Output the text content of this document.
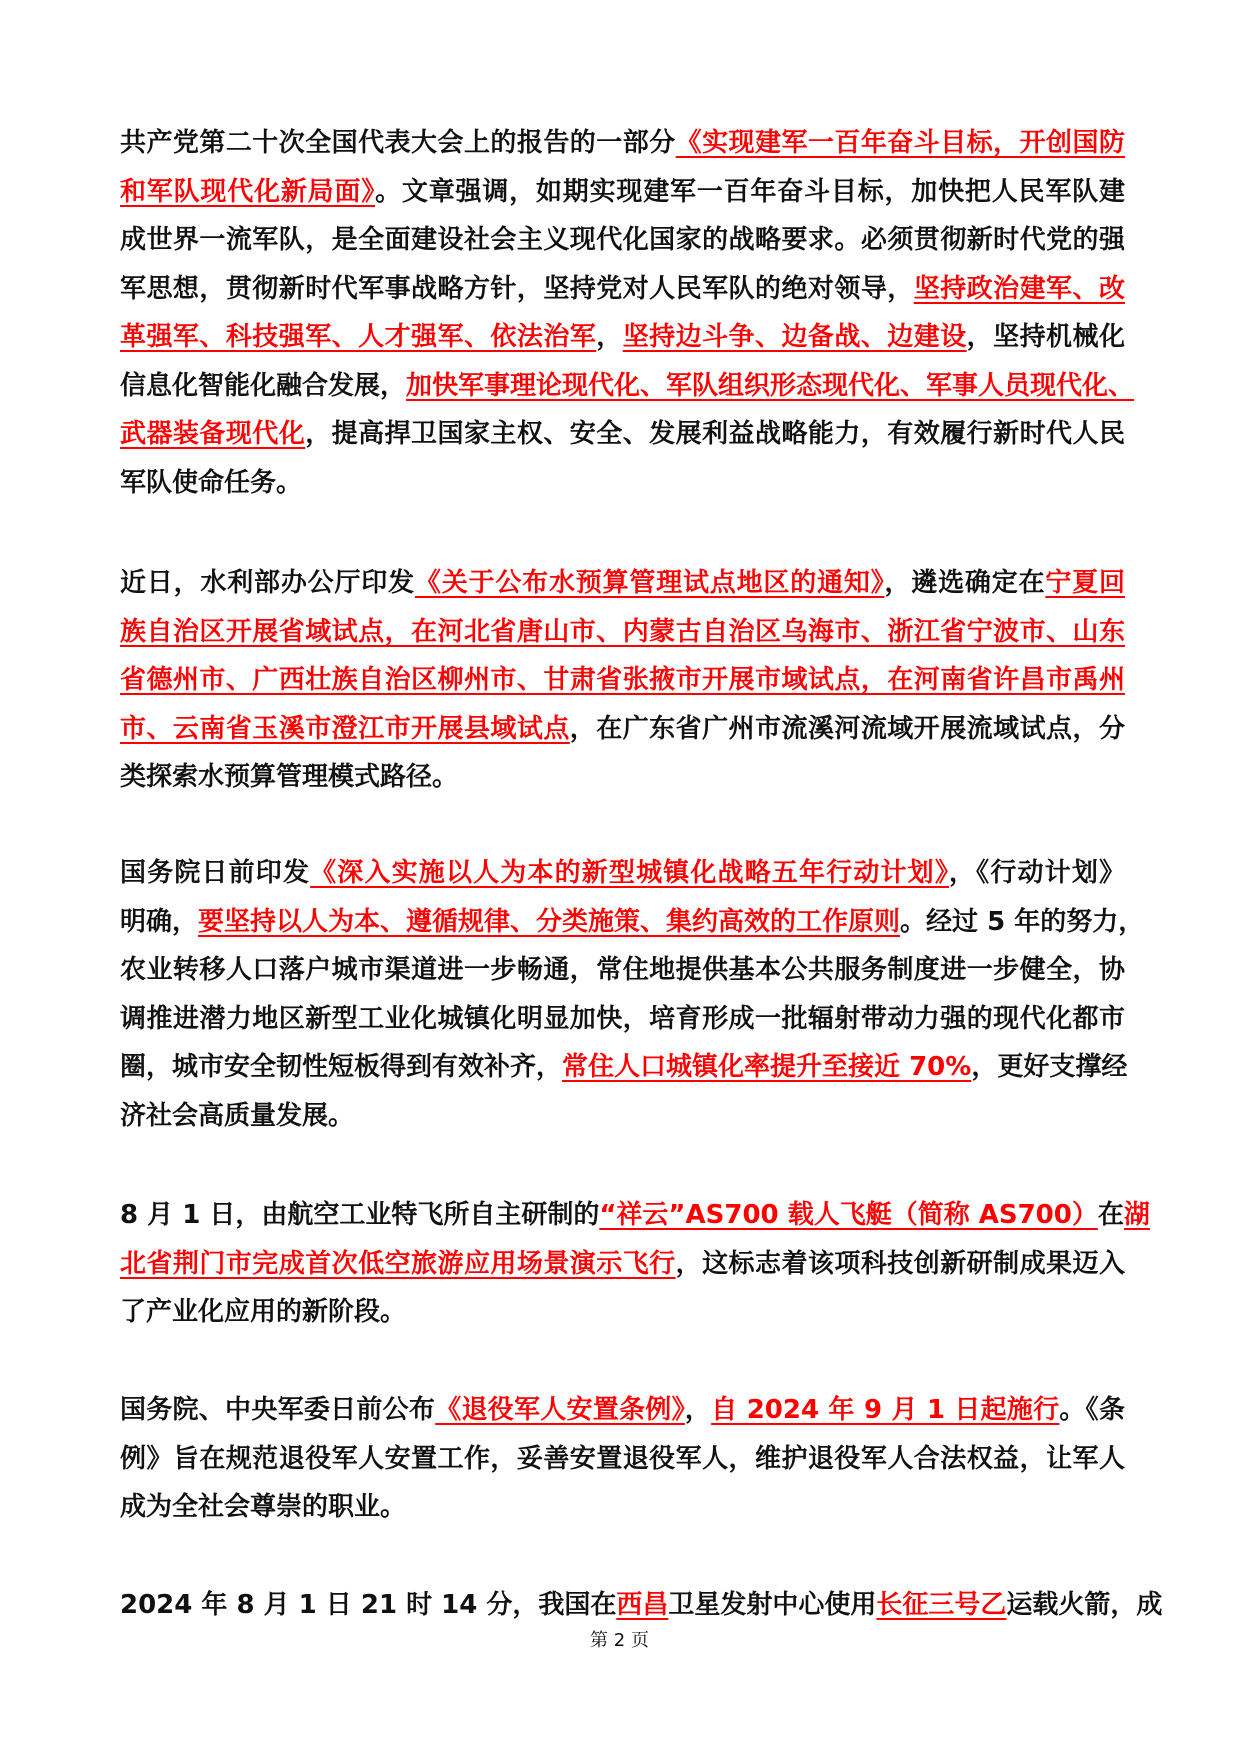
共产党第二十次全国代表大会上的报告的一部分《实现建军一百年奋斗目标，开创国防
和军队现代化新局面》。文章强调，如期实现建军一百年奋斗目标，加快把人民军队建
成世界一流军队，是全面建设社会主义现代化国家的战略要求。必须贯彻新时代党的强
军思想，贯彻新时代军事战略方针，坚持党对人民军队的绝对领导，坚持政治建军、改
革强军、科技强军、人才强军、依法治军，坚持边斗争、边备战、边建设，坚持机械化
信息化智能化融合发展，加快军事理论现代化、军队组织形态现代化、军事人员现代化、
武器装备现代化，提高捍卫国家主权、安全、发展利益战略能力，有效履行新时代人民
军队使命任务。
近日，水利部办公厅印发《关于公布水预算管理试点地区的通知》，遴选确定在宁夏回
族自治区开展省域试点，在河北省唐山市、内蒙古自治区乌海市、浙江省宁波市、山东
省德州市、广西壮族自治区柳州市、甘肃省张掖市开展市域试点，在河南省许昌市禹州
市、云南省玉溪市澄江市开展县域试点，在广东省广州市流溪河流域开展流域试点，分
类探索水预算管理模式路径。
国务院日前印发《深入实施以人为本的新型城镇化战略五年行动计划》，《行动计划》
明确，要坚持以人为本、遵循规律、分类施策、集约高效的工作原则。经过 5 年的努力，
农业转移人口落户城市渠道进一步畅通，常住地提供基本公共服务制度进一步健全，协
调推进潜力地区新型工业化城镇化明显加快，培育形成一批辐射带动力强的现代化都市
圈，城市安全韧性短板得到有效补齐，常住人口城镇化率提升至接近 70%，更好支撑经
济社会高质量发展。
8 月 1 日，由航空工业特飞所自主研制的“祥云”AS700 载人飞艇（简称 AS700）在湖
北省荆门市完成首次低空旅游应用场景演示飞行，这标志着该项科技创新研制成果迈入
了产业化应用的新阶段。
国务院、中央军委日前公布《退役军人安置条例》，自 2024 年 9 月 1 日起施行。《条
例》旨在规范退役军人安置工作，妥善安置退役军人，维护退役军人合法权益，让军人
成为全社会尊崇的职业。
2024 年 8 月 1 日 21 时 14 分，我国在西昌卫星发射中心使用长征三号乙运载火箭，成
第 2 页
